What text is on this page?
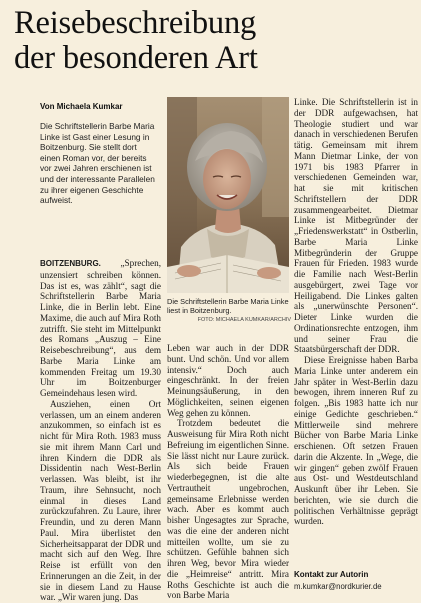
Reisebeschreibung
der besonderen Art
Von Michaela Kumkar
Die Schriftstellerin Barbe Maria Linke ist Gast einer Lesung in Boitzenburg. Sie stellt dort einen Roman vor, der bereits vor zwei Jahren erschienen ist und der interessante Parallelen zu ihrer eigenen Geschichte aufweist.

BOITZENBURG. „Sprechen, unzensiert schreiben können. Das ist es, was zählt“, sagt die Schriftstellerin Barbe Maria Linke, die in Berlin lebt. Eine Maxime, die auch auf Mira Roth zutrifft. Sie steht im Mittelpunkt des Romans „Auszug – Eine Reisebeschreibung“, aus dem Barbe Maria Linke am kommenden Freitag um 19.30 Uhr im Boitzenburger Gemeindehaus lesen wird.

Ausziehen, einen Ort verlassen, um an einem anderen anzukommen, so einfach ist es nicht für Mira Roth. 1983 muss sie mit ihrem Mann Carl und ihren Kindern die DDR als Dissidentin nach West-Berlin verlassen. Was bleibt, ist ihr Traum, ihre Sehnsucht, noch einmal in dieses Land zurückzufahren. Zu Laure, ihrer Freundin, und zu deren Mann Paul. Mira überlistet den Sicherheitsapparat der DDR und macht sich auf den Weg. Ihre Reise ist erfüllt von den Erinnerungen an die Zeit, in der sie in diesem Land zu Hause war. „Wir waren jung. Das

Die Schriftstellerin Barbe Maria Linke liest in Boitzenburg.
FOTO: MICHAELA KUMKAR/ARCHIV

Leben war auch in der DDR bunt. Und schön. Und vor allem intensiv.“ Doch auch eingeschränkt. In der freien Meinungsäußerung, in den Möglichkeiten, seinen eigenen Weg gehen zu können.

Trotzdem bedeutet die Ausweisung für Mira Roth nicht Befreiung im eigentlichen Sinne. Sie lässt nicht nur Laure zurück. Als sich beide Frauen wiederbegegnen, ist die alte Vertrautheit ungebrochen, gemeinsame Erlebnisse werden wach. Aber es kommt auch bisher Ungesagtes zur Sprache, was die eine der anderen nicht mitteilen wollte, um sie zu schützen. Gefühle bahnen sich ihren Weg, bevor Mira wieder die „Heimreise“ antritt. Mira Roths Geschichte ist auch die von Barbe Maria

Linke. Die Schriftstellerin ist in der DDR aufgewachsen, hat Theologie studiert und war danach in verschiedenen Berufen tätig. Gemeinsam mit ihrem Mann Dietmar Linke, der von 1971 bis 1983 Pfarrer in verschiedenen Gemeinden war, hat sie mit kritischen Schriftstellern der DDR zusammengearbeitet. Dietmar Linke ist Mitbegründer der „Friedenswerkstatt“ in Ostberlin, Barbe Maria Linke Mitbegründerin der Gruppe Frauen für Frieden. 1983 wurde die Familie nach West-Berlin ausgebürgert, zwei Tage vor Heiligabend. Die Linkes galten als „unerwünschte Personen“. Dieter Linke wurden die Ordinationsrechte entzogen, ihm und seiner Frau die Staatsbürgerschaft der DDR.

Diese Ereignisse haben Barba Maria Linke unter anderem ein Jahr später in West-Berlin dazu bewogen, ihrem inneren Ruf zu folgen. „Bis 1983 hatte ich nur einige Gedichte geschrieben.“ Mittlerweile sind mehrere Bücher von Barbe Maria Linke erschienen. Oft setzen Frauen darin die Akzente. In „Wege, die wir gingen“ geben zwölf Frauen aus Ost- und Westdeutschland Auskunft über ihr Leben. Sie berichten, wie sie durch die politischen Verhältnisse geprägt wurden.

Kontakt zur Autorin
m.kumkar@nordkurier.de
